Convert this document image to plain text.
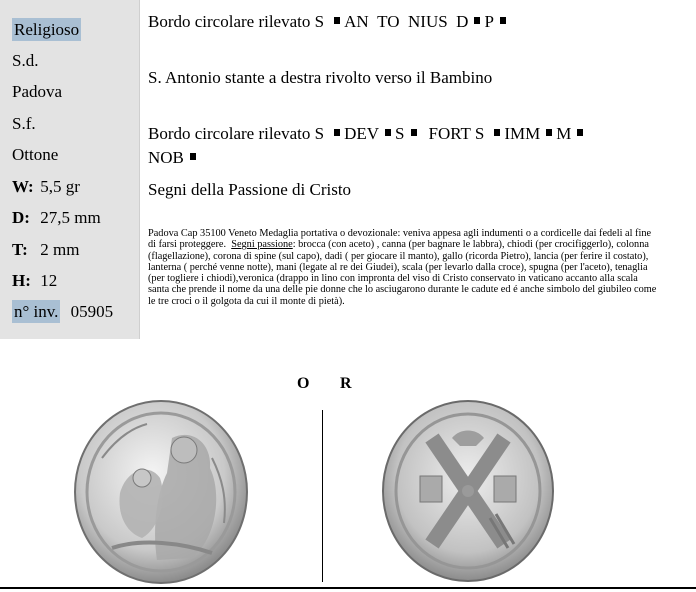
Religioso
S.d.
Padova
S.f.
Ottone
W: 5,5 gr
D: 27,5 mm
T: 2 mm
H: 12
n° inv. 05905
Bordo circolare rilevato S AN TO NIUS D P
S. Antonio stante a destra rivolto verso il Bambino
Bordo circolare rilevato S DEV S FORT S IMM M
NOB
Segni della Passione di Cristo
Padova Cap 35100 Veneto Medaglia portativa o devozionale: veniva appesa agli indumenti o a cordicelle dai fedeli al fine di farsi proteggere. Segni passione: brocca (con aceto) , canna (per bagnare le labbra), chiodi (per crocifiggerlo), colonna (flagellazione), corona di spine (sul capo), dadi ( per giocare il manto), gallo (ricorda Pietro), lancia (per ferire il costato), lanterna ( perché venne notte), mani (legate al re dei Giudei), scala (per levarlo dalla croce), spugna (per l'aceto), tenaglia (per togliere i chiodi),veronica (drappo in lino con impronta del viso di Cristo conservato in vaticano accanto alla scala santa che prende il nome da una delle pie donne che lo asciugarono durante le cadute ed é anche simbolo del giubileo come le tre croci o il golgota da cui il monte di pietà).
O R
